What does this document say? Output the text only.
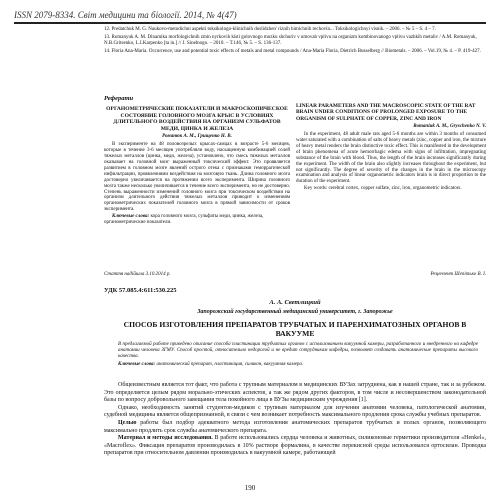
ISSN 2079-8334. Світ медицини та біології. 2014, № 4(47)

12. Predatchuk M. G. Naukovo-metodichni aspekti toksikologo-klinichnih doslidzhen' riznih himichnih rechovin... Toksikologichnyi visnik. – 2006. – № 5 – S. 4 – 7.

13. Romanyuk A. M. Dinamika morfologichnih zmin nyrkovih kisti golovnogo mozku shchuriv v umovah vplivu na organizm kombinovanogo vplivu vazhkih metaliv / A.M. Romanyuk, N.B.Gritsenko, L.I.Karpenko [ta in.] // J. Sinelnogo. – 2010. – T.146, № 5. – S. 136-137.

14. Floria Ana-Maria. Occurrence, use and potential toxic effects of metals and metal compounds / Ana-Maria Floria, Dietrich Busselberg // Biometals. – 2006. – Vol.19, № 4. – P. 419-427.

Реферати

ОРГАНОМЕТРИЧЕСКИЕ ПОКАЗАТЕЛИ И МАКРОСКОПИЧЕСКОЕ СОСТОЯНИЕ ГОЛОВНОГО МОЗГА КРЫС В УСЛОВИЯХ ДЛИТЕЛЬНОГО ВОЗДЕЙСТВИЯ НА ОРГАНИЗМ СУЛЬФАТОВ МЕДИ, ЦИНКА И ЖЕЛЕЗА

Романюк А. М., Грищенко Н. В.

В эксперименте на 48 половозрелых крысах-самцах в возрасте 5-6 месяцев, которые в течение 3-6 месяцев употребляли воду, насыщенную комбинацией солей тяжелых металлов (цинка, меди, железа), установлено, что смесь тяжелых металлов оказывает на головной мозг выраженный токсический эффект. Это проявляется развитием в головном мозге явлений острого отека с признаками геморрагической инфильтрации, проявлениями воздействия на мозговую ткань. Длина головного мозга достоверно увеличивается на протяжении всего эксперимента. Ширина головного мозга также несколько увеличивается в течение всего эксперимента, но не достоверно. Степень выраженности изменений головного мозга при токсическом воздействии на организм длительного действия тяжелых металлов приводит к изменениям органометрических показателей головного мозга в прямой зависимости от сроков эксперимента.

Ключевые слова: кора головного мозга, сульфаты меди, цинка, железа, органометрические показатели.

LINEAR PARAMETERS AND THE MACROSCOPIC STATE OF THE RAT BRAIN UNDER CONDITIONS OF PROLONGED EXPOSURE TO THE ORGANISM OF SULPHATE OF COPPER, ZINC AND IRON

Romaniuk A. M., Gryschenko N. V.

In the experiment, 48 adult male rats aged 5-6 months are within 3 months of consumed water saturated with a combination of salts of heavy metals (zinc, copper and iron, the mixture of heavy metal renders the brain distinctive toxic effect. This is manifested in the development of brain phenomena of acute hemorrhagic edema with signs of infiltration, impregnating substance of the brain with blood. Thus, the length of the brain increases significantly during the experiment. The width of the brain also slightly increases throughout the experiment, but not significantly. The degree of severity of the changes in the brain in the microscopy examination and analysis of linear organometric indicators brain is in direct proportion to the duration of the experiment.

Key words: cerebral cortex, copper sulfate, zinc, iron, organometric indicators.

Стаття надійшла 3.10.2014 р.	Рецензент Шепітько В. І.
УДК 57.085.4:611:530.225
А. А. Светлицкий
Запорожский государственный медицинский университет, г. Запорожье
СПОСОБ ИЗГОТОВЛЕНИЯ ПРЕПАРАТОВ ТРУБЧАТЫХ И ПАРЕНХИМАТОЗНЫХ ОРГАНОВ В ВАКУУМЕ
В предлагаемой работе приведено описание способа пластинации трубчатых органов с использованием вакуумной камеры, разработанного и внедренного на кафедре анатомии человека ЗГМУ. Способ простой, относительно недорогой и не вредит сотрудникам кафедры, позволяет создавать анатомические препараты высокого качества.
Ключевые слова: анатомический препарат, пластинация, силикон, вакуумная камера.

Общеизвестным является тот факт, что работа с трупным материалом в медицинских ВУЗах затруднена, как в нашей стране, так и за рубежом. Это определяется целым рядом морально-этических аспектов, а так же рядом других факторов, в том числе и несовершенством законодательной базы по вопросу добровольного завещания тела покойного лица в ВУЗы медицинским учреждения [1].

Однако, необходимость занятий студентов-медиков с трупным материалом для изучения анатомии человека, патологической анатомии, судебной медицины является общепризнанной, в связи с чем возникает потребность максимального продления срока службы учебных препаратов.

Целью работы был подбор адекватного метода изготовления анатомических препаратов трубчатых и полых органов, позволяющего максимально продлить срок службы анатомического препарата.

Материал и методы исследования. В работе использовались сердца человека и животных, силиконовые герметики производителя «Henkel», «Macroflex». Фиксация препаратов производилась в 10% растворе формалина, в качестве перекисной среды использовался ортосилан. Проводка препаратов при относительном давлении производилась в вакуумной камере, работающей

190
